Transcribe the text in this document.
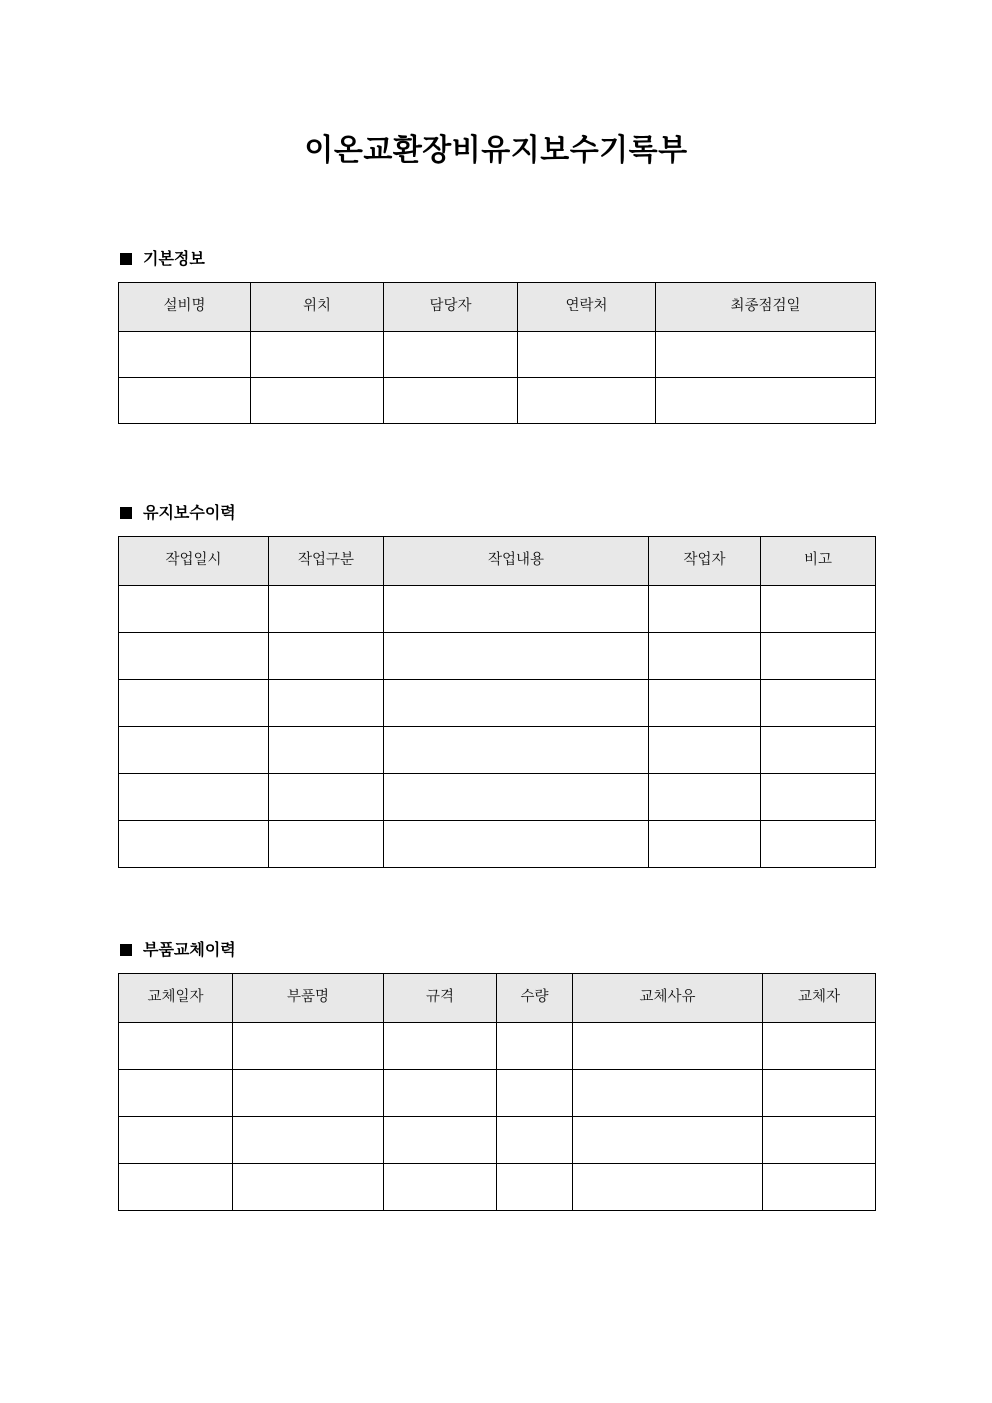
이온교환장비유지보수기록부
기본정보
설비명	위치	담당자	연락처	최종점검일

유지보수이력
작업일시	작업구분	작업내용	작업자	비고

부품교체이력
교체일자	부품명	규격	수량	교체사유	교체자
